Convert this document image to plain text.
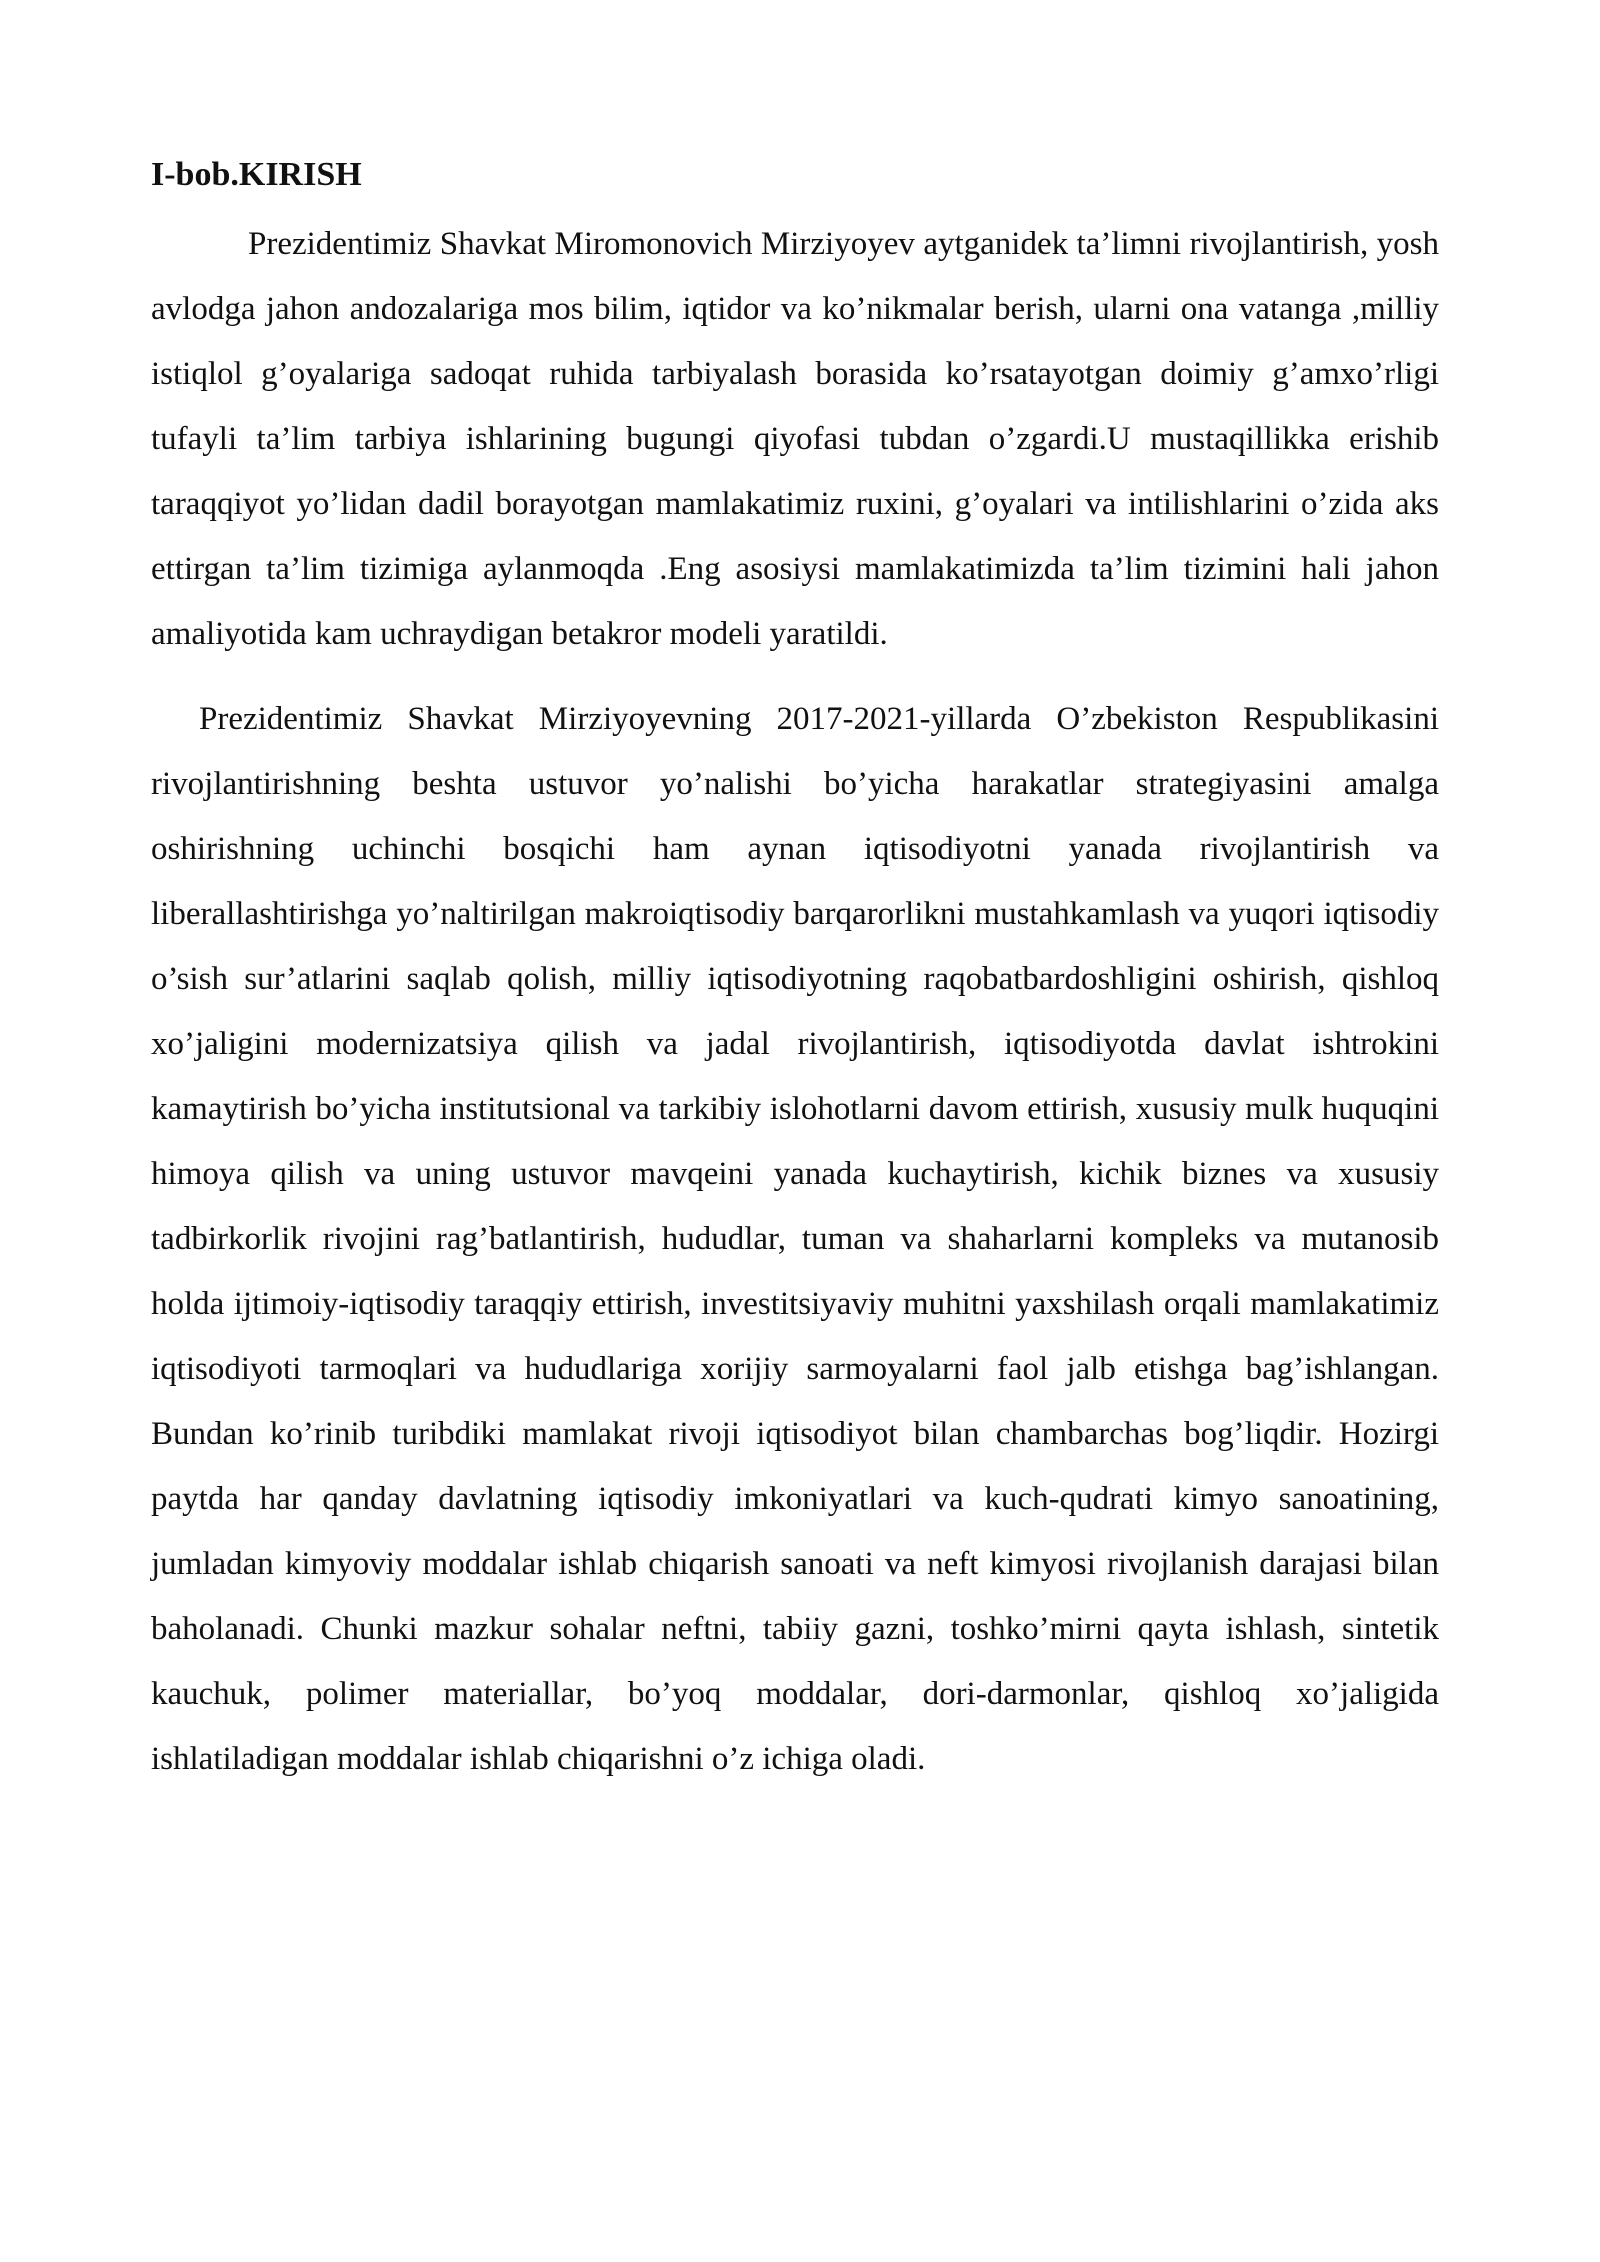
I-bob.KIRISH

Prezidentimiz Shavkat Miromonovich Mirziyoyev aytganidek ta’limni rivojlantirish, yosh avlodga jahon andozalariga mos bilim, iqtidor va ko’nikmalar berish, ularni ona vatanga ,milliy istiqlol g’oyalariga sadoqat ruhida tarbiyalash borasida ko’rsatayotgan doimiy g’amxo’rligi tufayli ta’lim tarbiya ishlarining bugungi qiyofasi tubdan o’zgardi.U mustaqillikka erishib taraqqiyot yo’lidan dadil borayotgan mamlakatimiz ruxini, g’oyalari va intilishlarini o’zida aks ettirgan ta’lim tizimiga aylanmoqda .Eng asosiysi mamlakatimizda ta’lim tizimini hali jahon amaliyotida kam uchraydigan betakror modeli yaratildi.

Prezidentimiz Shavkat Mirziyoyevning 2017-2021-yillarda O’zbekiston Respublikasini rivojlantirishning beshta ustuvor yo’nalishi bo’yicha harakatlar strategiyasini amalga oshirishning uchinchi bosqichi ham aynan iqtisodiyotni yanada rivojlantirish va liberallashtirishga yo’naltirilgan makroiqtisodiy barqarorlikni mustahkamlash va yuqori iqtisodiy o’sish sur’atlarini saqlab qolish, milliy iqtisodiyotning raqobatbardoshligini oshirish, qishloq xo’jaligini modernizatsiya qilish va jadal rivojlantirish, iqtisodiyotda davlat ishtrokini kamaytirish bo’yicha institutsional va tarkibiy islohotlarni davom ettirish, xususiy mulk huquqini himoya qilish va uning ustuvor mavqeini yanada kuchaytirish, kichik biznes va xususiy tadbirkorlik rivojini rag’batlantirish, hududlar, tuman va shaharlarni kompleks va mutanosib holda ijtimoiy-iqtisodiy taraqqiy ettirish, investitsiyaviy muhitni yaxshilash orqali mamlakatimiz iqtisodiyoti tarmoqlari va hududlariga xorijiy sarmoyalarni faol jalb etishga bag’ishlangan. Bundan ko’rinib turibdiki mamlakat rivoji iqtisodiyot bilan chambarchas bog’liqdir. Hozirgi paytda har qanday davlatning iqtisodiy imkoniyatlari va kuch-qudrati kimyo sanoatining, jumladan kimyoviy moddalar ishlab chiqarish sanoati va neft kimyosi rivojlanish darajasi bilan baholanadi. Chunki mazkur sohalar neftni, tabiiy gazni, toshko’mirni qayta ishlash, sintetik kauchuk, polimer materiallar, bo’yoq moddalar, dori-darmonlar, qishloq xo’jaligida ishlatiladigan moddalar ishlab chiqarishni o’z ichiga oladi.
